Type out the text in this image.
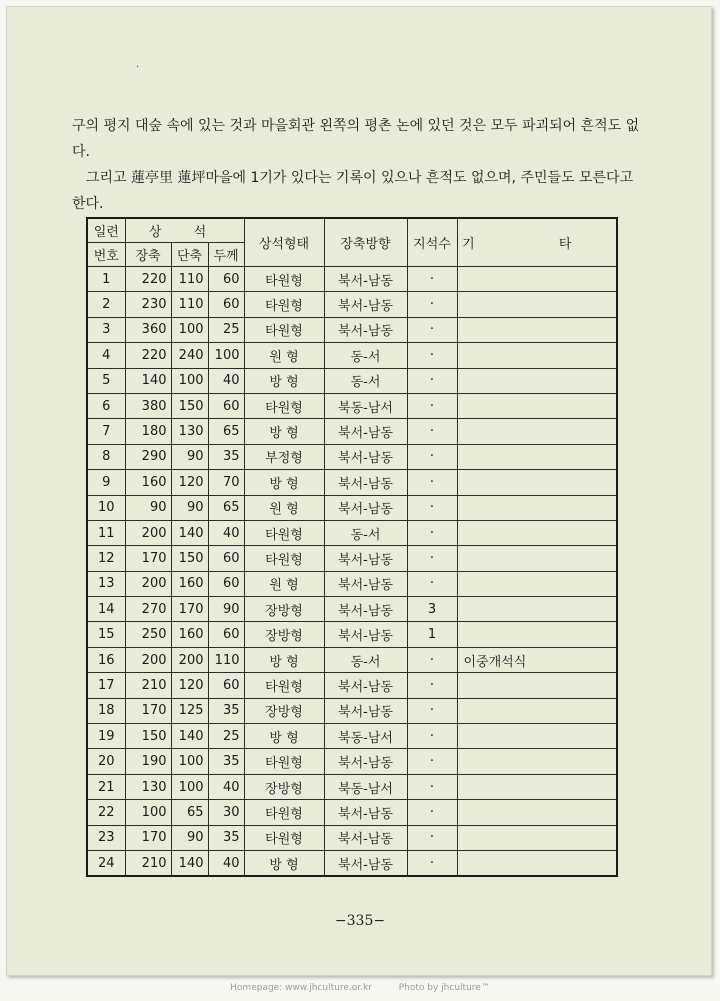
·

구의 평지 대숲 속에 있는 것과 마을회관 왼쪽의 평촌 논에 있던 것은 모두 파괴되어 흔적도 없다.

그리고 蓮亭里 蓮坪마을에 1기가 있다는 기록이 있으나 흔적도 없으며, 주민들도 모른다고 한다.

일련	상 석			상석형태	장축방향	지석수	기 타
번호	장축	단축	두께				
1	220	110	60	타원형	북서-남동	·	
2	230	110	60	타원형	북서-남동	·	
3	360	100	25	타원형	북서-남동	·	
4	220	240	100	원 형	동-서	·	
5	140	100	40	방 형	동-서	·	
6	380	150	60	타원형	북동-남서	·	
7	180	130	65	방 형	북서-남동	·	
8	290	90	35	부정형	북서-남동	·	
9	160	120	70	방 형	북서-남동	·	
10	90	90	65	원 형	북서-남동	·	
11	200	140	40	타원형	동-서	·	
12	170	150	60	타원형	북서-남동	·	
13	200	160	60	원 형	북서-남동	·	
14	270	170	90	장방형	북서-남동	3	
15	250	160	60	장방형	북서-남동	1	
16	200	200	110	방 형	동-서	·	이중개석식
17	210	120	60	타원형	북서-남동	·	
18	170	125	35	장방형	북서-남동	·	
19	150	140	25	방 형	북동-남서	·	
20	190	100	35	타원형	북서-남동	·	
21	130	100	40	장방형	북동-남서	·	
22	100	65	30	타원형	북서-남동	·	
23	170	90	35	타원형	북서-남동	·	
24	210	140	40	방 형	북서-남동	·	
−335−
Homepage: www.jhculture.or.kr	Photo by jhculture™
